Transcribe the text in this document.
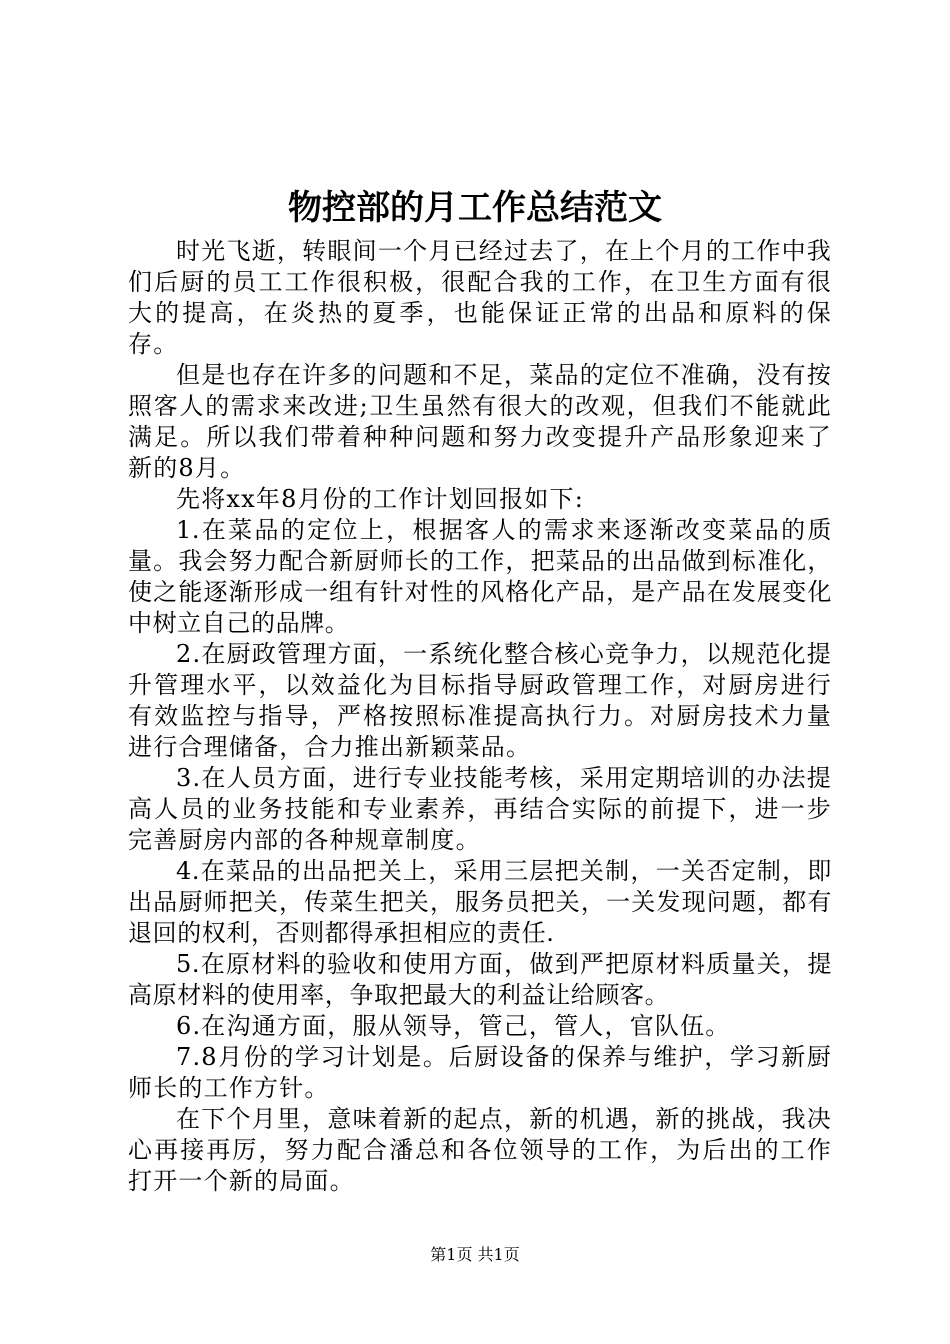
物控部的月工作总结范文

时光飞逝，转眼间一个月已经过去了，在上个月的工作中我们后厨的员工工作很积极，很配合我的工作，在卫生方面有很大的提高，在炎热的夏季，也能保证正常的出品和原料的保存。

但是也存在许多的问题和不足，菜品的定位不准确，没有按照客人的需求来改进;卫生虽然有很大的改观，但我们不能就此满足。所以我们带着种种问题和努力改变提升产品形象迎来了新的8月。

先将xx年8月份的工作计划回报如下:

1.在菜品的定位上，根据客人的需求来逐渐改变菜品的质量。我会努力配合新厨师长的工作，把菜品的出品做到标准化，使之能逐渐形成一组有针对性的风格化产品，是产品在发展变化中树立自己的品牌。

2.在厨政管理方面，一系统化整合核心竞争力，以规范化提升管理水平，以效益化为目标指导厨政管理工作，对厨房进行有效监控与指导，严格按照标准提高执行力。对厨房技术力量进行合理储备，合力推出新颖菜品。

3.在人员方面，进行专业技能考核，采用定期培训的办法提高人员的业务技能和专业素养，再结合实际的前提下，进一步完善厨房内部的各种规章制度。

4.在菜品的出品把关上，采用三层把关制，一关否定制，即出品厨师把关，传菜生把关，服务员把关，一关发现问题，都有退回的权利，否则都得承担相应的责任.

5.在原材料的验收和使用方面，做到严把原材料质量关，提高原材料的使用率，争取把最大的利益让给顾客。

6.在沟通方面，服从领导，管己，管人，官队伍。

7.8月份的学习计划是。后厨设备的保养与维护，学习新厨师长的工作方针。

在下个月里，意味着新的起点，新的机遇，新的挑战，我决心再接再厉，努力配合潘总和各位领导的工作，为后出的工作打开一个新的局面。

第1页 共1页
